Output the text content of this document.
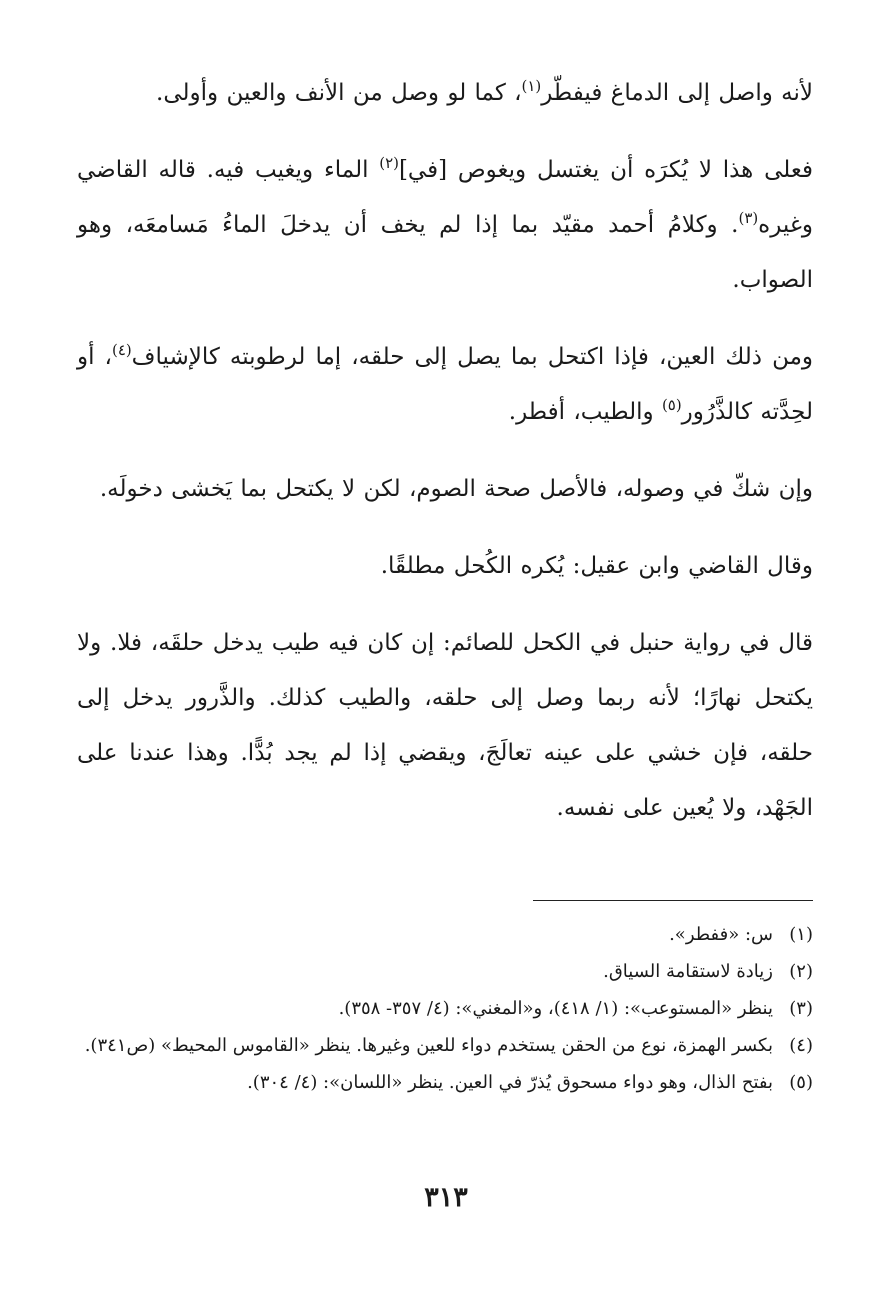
لأنه واصل إلى الدماغ فيفطّر$^{(١)}$، كما لو وصل من الأنف والعين وأولى.

فعلى هذا لا يُكرَه أن يغتسل ويغوص [في]$^{(٢)}$ الماء ويغيب فيه. قاله القاضي وغيره$^{(٣)}$. وكلامُ أحمد مقيّد بما إذا لم يخف أن يدخلَ الماءُ مَسامعَه، وهو الصواب.

ومن ذلك العين، فإذا اكتحل بما يصل إلى حلقه، إما لرطوبته كالإشياف$^{(٤)}$، أو لحِدَّته كالذَّرُور$^{(٥)}$ والطيب، أفطر.

وإن شكّ في وصوله، فالأصل صحة الصوم، لكن لا يكتحل بما يَخشى دخولَه.

وقال القاضي وابن عقيل: يُكره الكُحل مطلقًا.

قال في رواية حنبل في الكحل للصائم: إن كان فيه طيب يدخل حلقَه، فلا. ولا يكتحل نهارًا؛ لأنه ربما وصل إلى حلقه، والطيب كذلك. والذَّرور يدخل إلى حلقه، فإن خشي على عينه تعالَجَ، ويقضي إذا لم يجد بُدًّا. وهذا عندنا على الجَهْد، ولا يُعين على نفسه.

(١)
س: «ففطر».
(٢)
زيادة لاستقامة السياق.
(٣)
ينظر «المستوعب»: (١/ ٤١٨)، و«المغني»: (٤/ ٣٥٧- ٣٥٨).
(٤)
بكسر الهمزة، نوع من الحقن يستخدم دواء للعين وغيرها. ينظر «القاموس المحيط» (ص٣٤١).
(٥)
بفتح الذال، وهو دواء مسحوق يُذرّ في العين. ينظر «اللسان»: (٤/ ٣٠٤).
٣١٣
